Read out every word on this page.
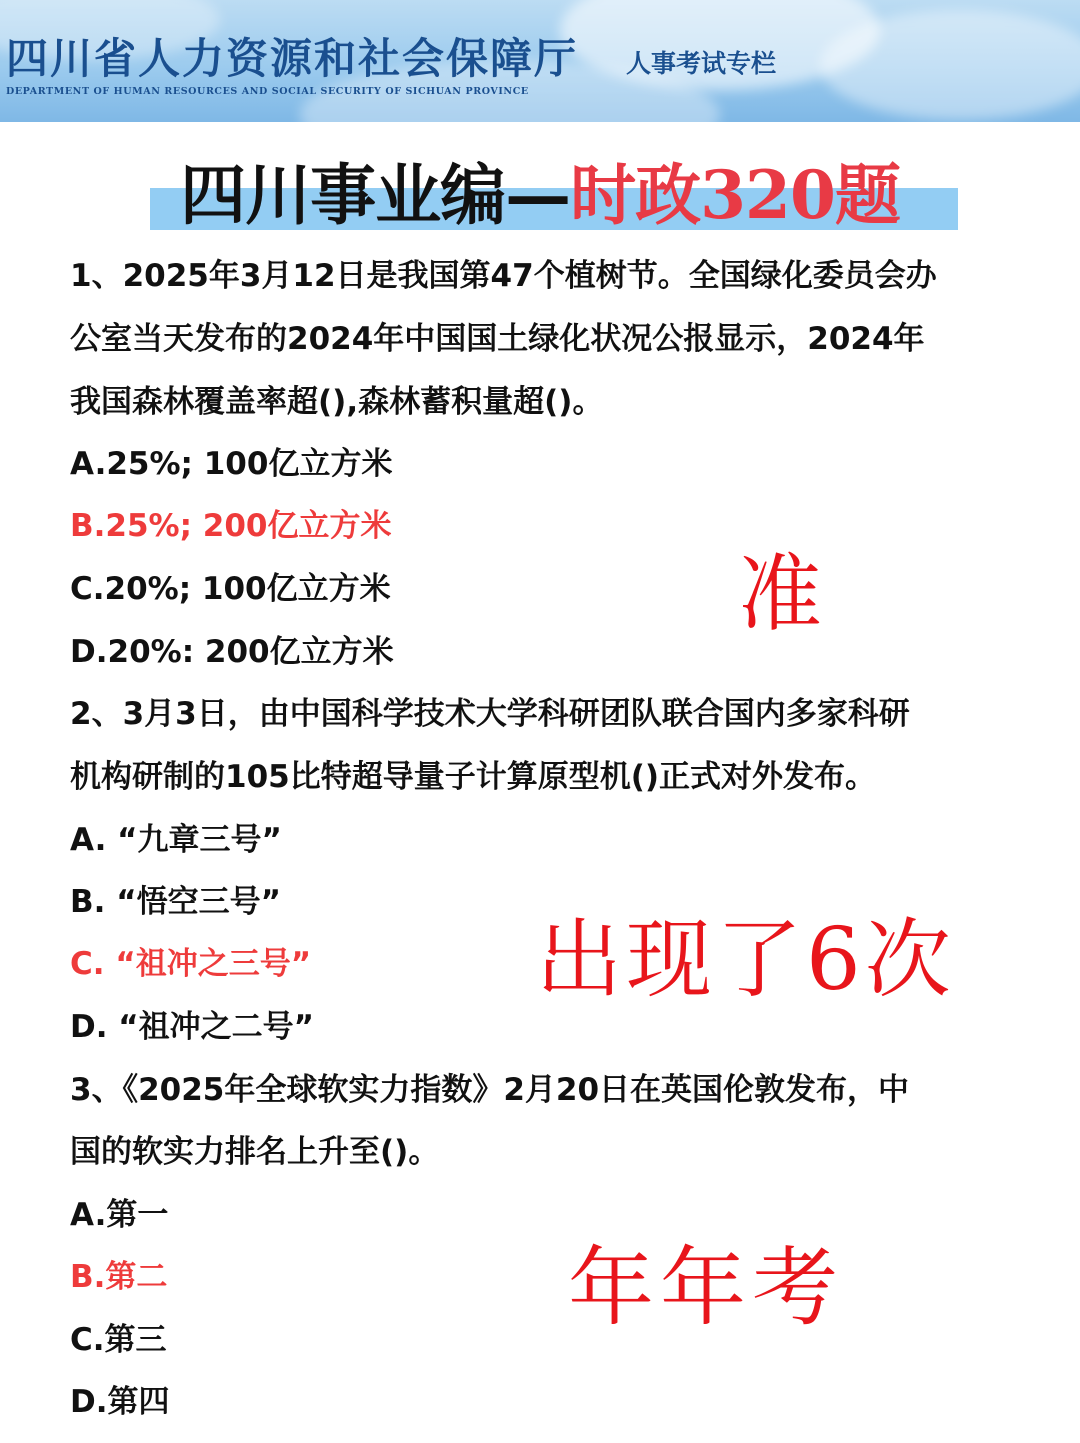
四川省人力资源和社会保障厅
DEPARTMENT OF HUMAN RESOURCES AND SOCIAL SECURITY OF SICHUAN PROVINCE
人事考试专栏
四川事业编—时政320题
1、2025年3月12日是我国第47个植树节。全国绿化委员会办
公室当天发布的2024年中国国土绿化状况公报显示，2024年
我国森林覆盖率超(),森林蓄积量超()。
A.25%; 100亿立方米
B.25%; 200亿立方米
C.20%; 100亿立方米
D.20%: 200亿立方米
2、3月3日，由中国科学技术大学科研团队联合国内多家科研
机构研制的105比特超导量子计算原型机()正式对外发布。
A. “九章三号”
B. “悟空三号”
C. “祖冲之三号”
D. “祖冲之二号”
3、《2025年全球软实力指数》2月20日在英国伦敦发布，中
国的软实力排名上升至()。
A.第一
B.第二
C.第三
D.第四
准
出现了6次
年年考
